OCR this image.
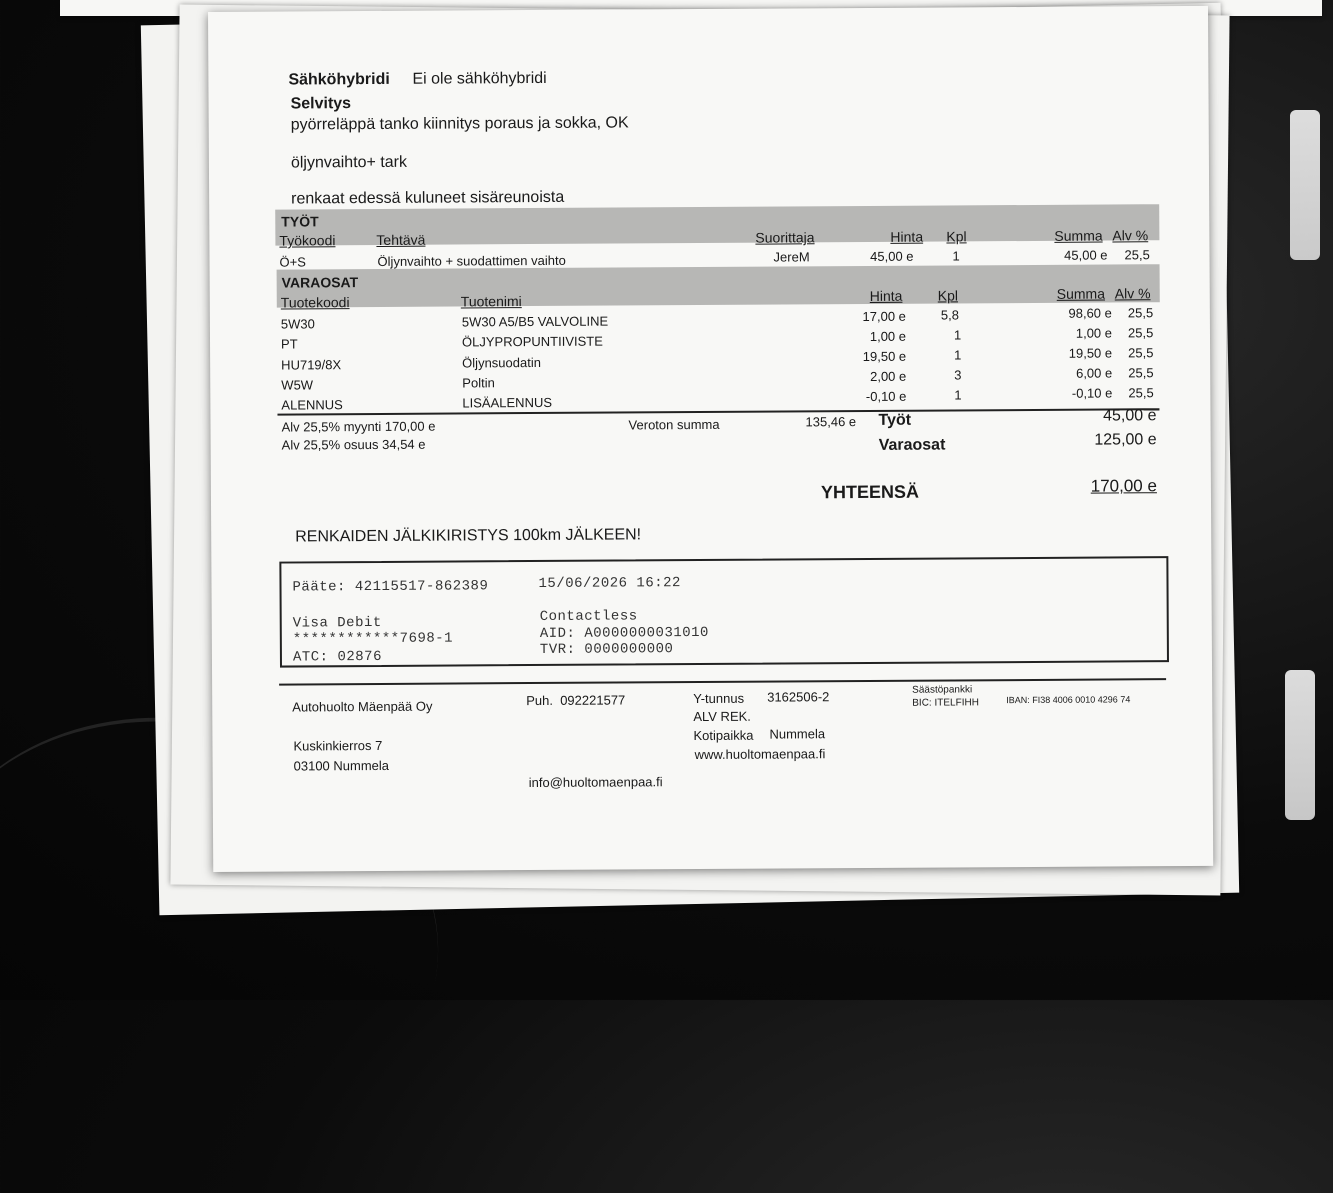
Sähköhybridi Ei ole sähköhybridi
Selvitys
pyörreläppä tanko kiinnitys poraus ja sokka, OK
öljynvaihto+ tark
renkaat edessä kuluneet sisäreunoista
TYÖT
Työkoodi	Tehtävä	Suorittaja	Hinta Kpl	Summa Alv %
Ö+S	Öljynvaihto + suodattimen vaihto	JereM	45,00 e	1	45,00 e 25,5
VARAOSAT
Tuotekoodi	Tuotenimi	Hinta	Kpl	Summa Alv %
5W30	5W30 A5/B5 VALVOLINE	17,00 e	5,8	98,60 e 25,5
PT	ÖLJYPROPUNTIIVISTE	1,00 e	1	1,00 e 25,5
HU719/8X	Öljynsuodatin	19,50 e	1	19,50 e 25,5
W5W	Poltin	2,00 e	3	6,00 e 25,5
ALENNUS	LISÄALENNUS	-0,10 e	1	-0,10 e 25,5
Alv 25,5% myynti 170,00 e
Alv 25,5% osuus 34,54 e
Veroton summa	135,46 e Työt	45,00 e
Varaosat	125,00 e
YHTEENSÄ	170,00 e
RENKAIDEN JÄLKIKIRISTYS 100km JÄLKEEN!
Pääte: 42115517-862389	15/06/2026 16:22
Visa Debit
************7698-1
ATC: 02876
Contactless
AID: A0000000031010
TVR: 0000000000
Autohuolto Mäenpää Oy
Kuskinkierros 7
03100 Nummela
Puh.  092221577
info@huoltomaenpaa.fi
Y-tunnus 3162506-2
ALV REK.
Kotipaikka Nummela
www.huoltomaenpaa.fi
Säästöpankki
BIC: ITELFIHH	IBAN: FI38 4006 0010 4296 74
